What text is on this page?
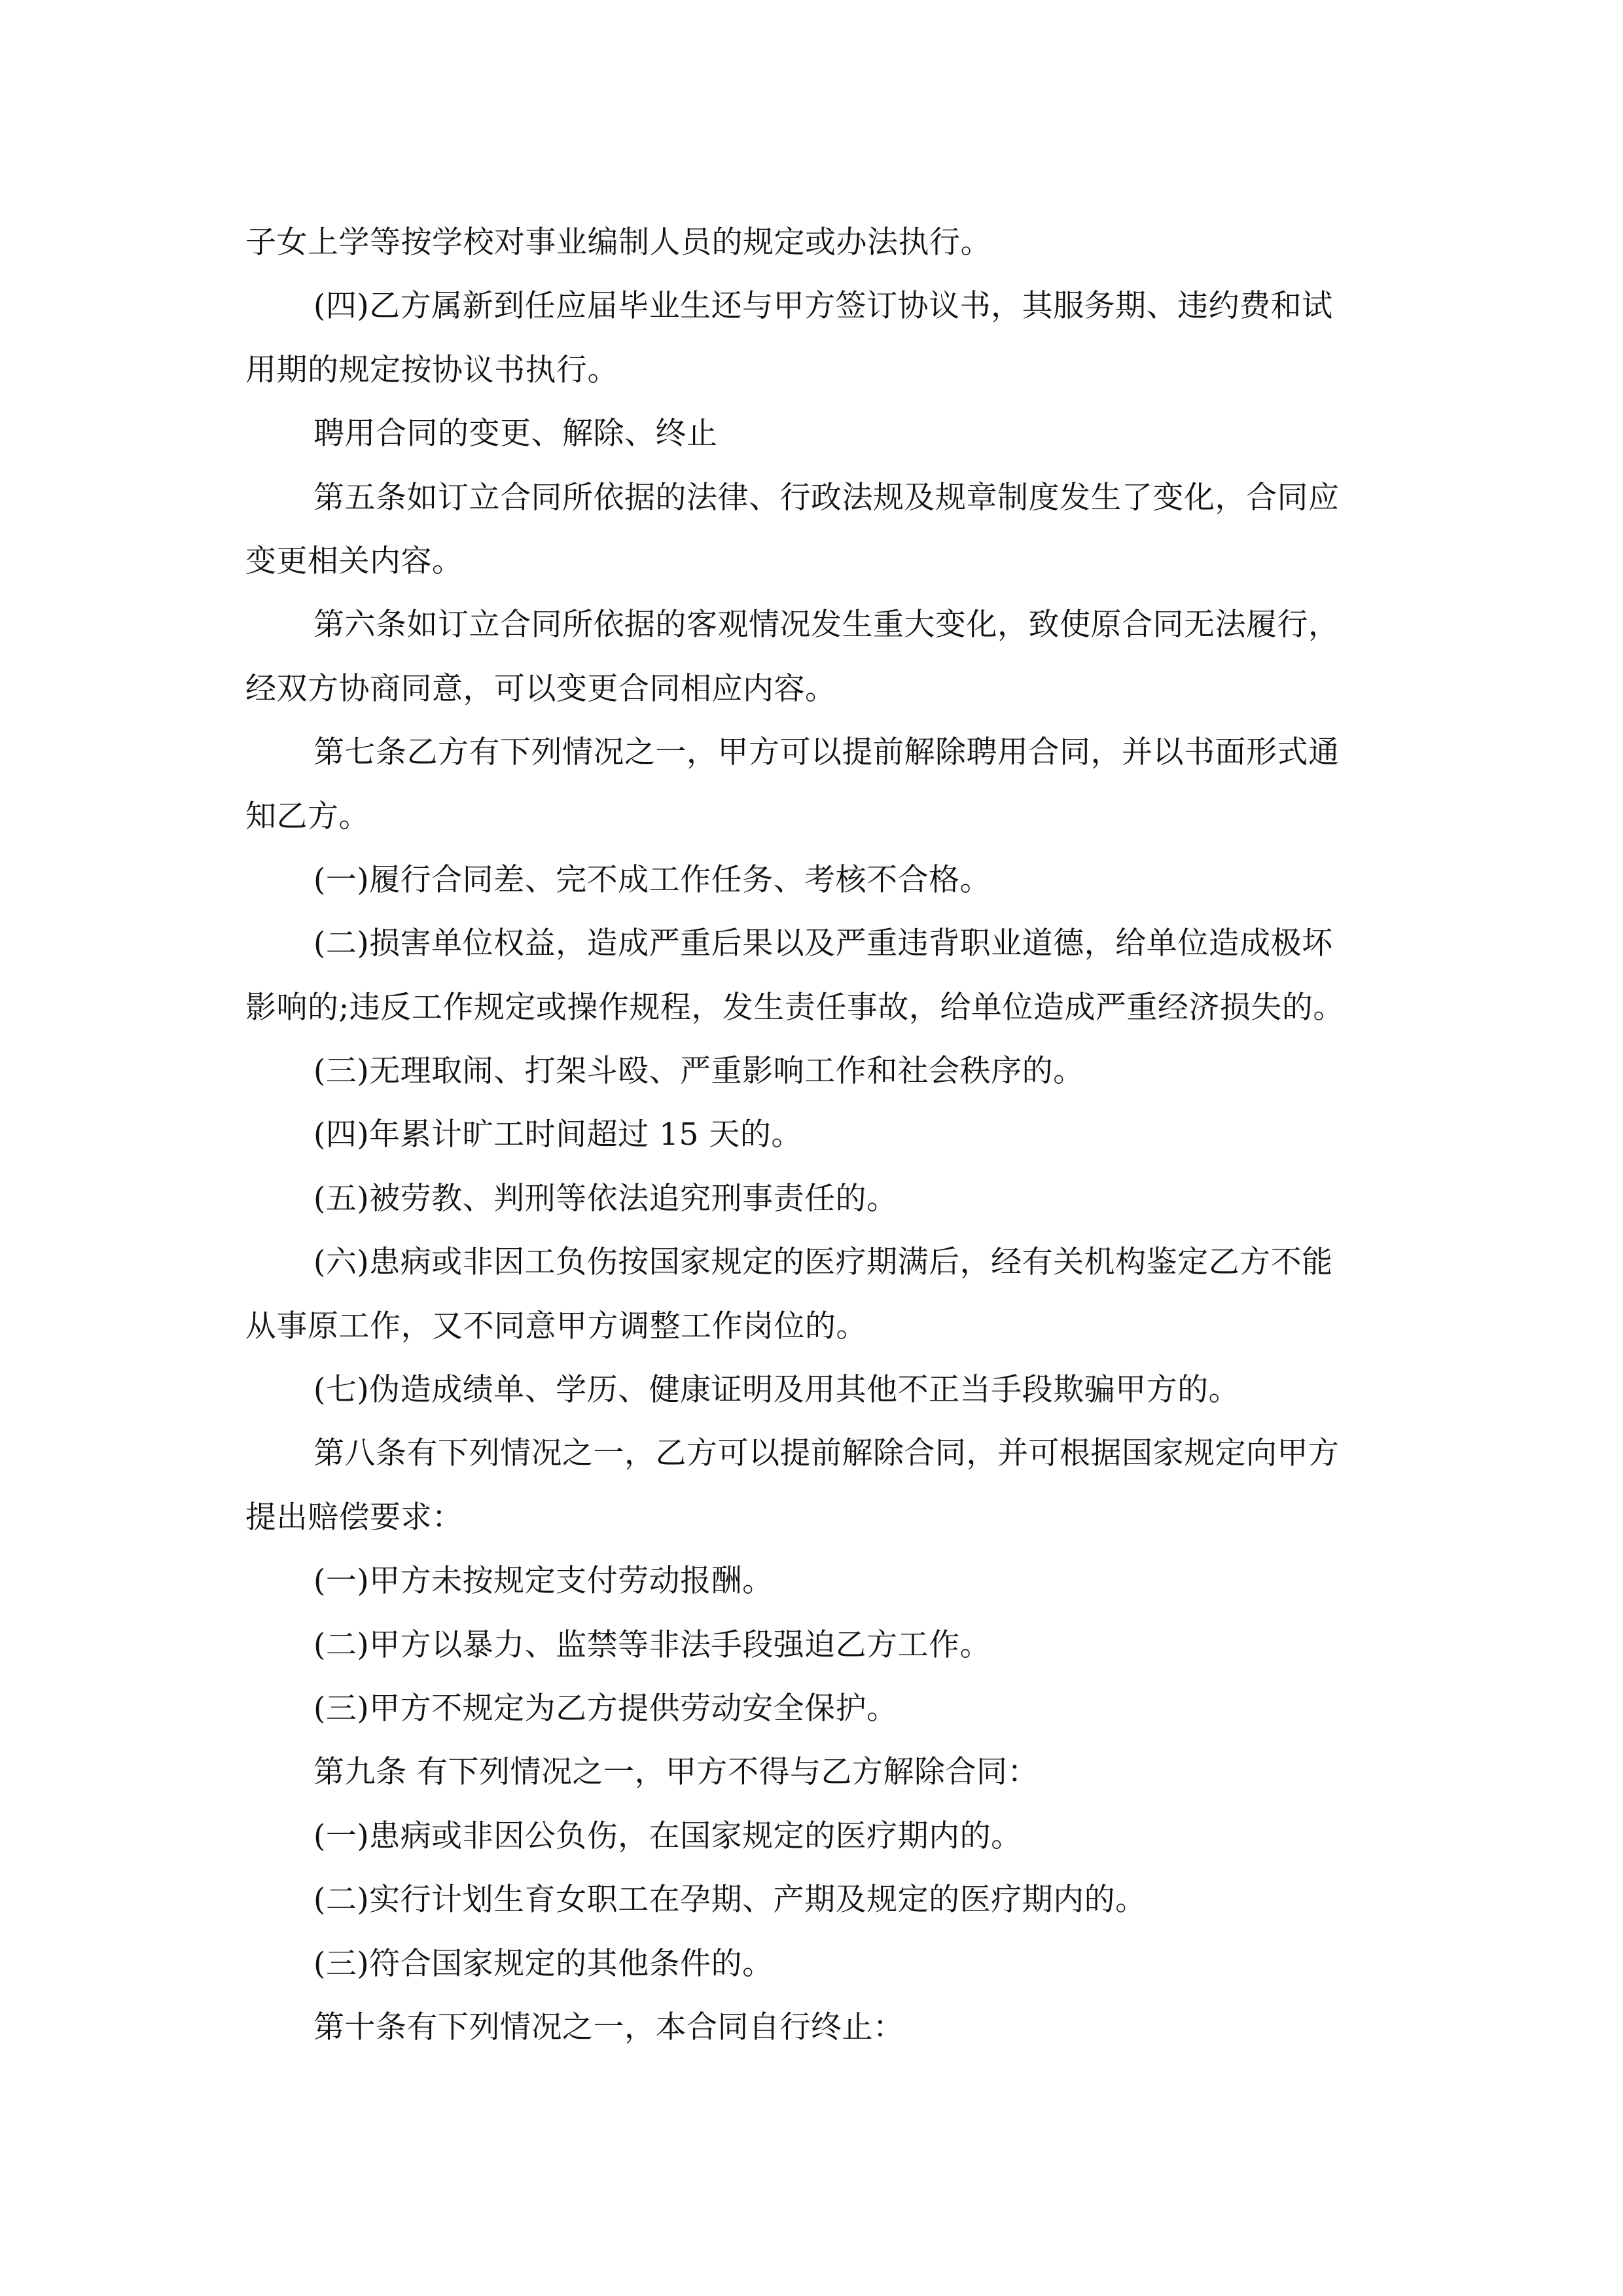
子女上学等按学校对事业编制人员的规定或办法执行。
(四)乙方属新到任应届毕业生还与甲方签订协议书，其服务期、违约费和试
用期的规定按协议书执行。
聘用合同的变更、解除、终止
第五条如订立合同所依据的法律、行政法规及规章制度发生了变化，合同应
变更相关内容。
第六条如订立合同所依据的客观情况发生重大变化，致使原合同无法履行，
经双方协商同意，可以变更合同相应内容。
第七条乙方有下列情况之一，甲方可以提前解除聘用合同，并以书面形式通
知乙方。
(一)履行合同差、完不成工作任务、考核不合格。
(二)损害单位权益，造成严重后果以及严重违背职业道德，给单位造成极坏
影响的;违反工作规定或操作规程，发生责任事故，给单位造成严重经济损失的。
(三)无理取闹、打架斗殴、严重影响工作和社会秩序的。
(四)年累计旷工时间超过 15 天的。
(五)被劳教、判刑等依法追究刑事责任的。
(六)患病或非因工负伤按国家规定的医疗期满后，经有关机构鉴定乙方不能
从事原工作，又不同意甲方调整工作岗位的。
(七)伪造成绩单、学历、健康证明及用其他不正当手段欺骗甲方的。
第八条有下列情况之一，乙方可以提前解除合同，并可根据国家规定向甲方
提出赔偿要求：
(一)甲方未按规定支付劳动报酬。
(二)甲方以暴力、监禁等非法手段强迫乙方工作。
(三)甲方不规定为乙方提供劳动安全保护。
第九条 有下列情况之一，甲方不得与乙方解除合同：
(一)患病或非因公负伤，在国家规定的医疗期内的。
(二)实行计划生育女职工在孕期、产期及规定的医疗期内的。
(三)符合国家规定的其他条件的。
第十条有下列情况之一，本合同自行终止：
